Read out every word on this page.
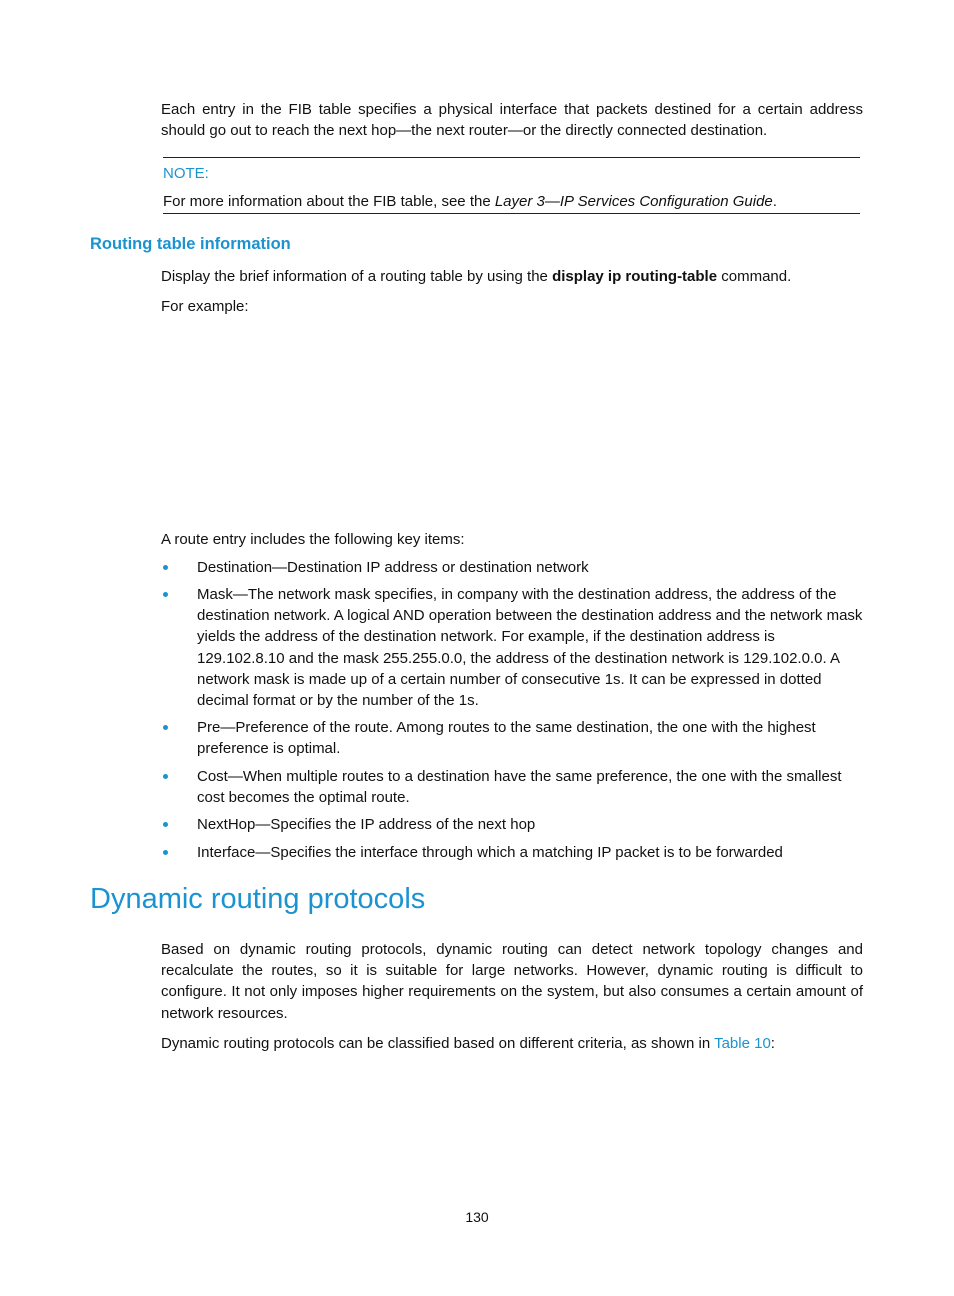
Each entry in the FIB table specifies a physical interface that packets destined for a certain address should go out to reach the next hop—the next router—or the directly connected destination.
NOTE:
For more information about the FIB table, see the Layer 3—IP Services Configuration Guide.
Routing table information
Display the brief information of a routing table by using the display ip routing-table command.
For example:
A route entry includes the following key items:
Destination—Destination IP address or destination network
Mask—The network mask specifies, in company with the destination address, the address of the destination network. A logical AND operation between the destination address and the network mask yields the address of the destination network. For example, if the destination address is 129.102.8.10 and the mask 255.255.0.0, the address of the destination network is 129.102.0.0. A network mask is made up of a certain number of consecutive 1s. It can be expressed in dotted decimal format or by the number of the 1s.
Pre—Preference of the route. Among routes to the same destination, the one with the highest preference is optimal.
Cost—When multiple routes to a destination have the same preference, the one with the smallest cost becomes the optimal route.
NextHop—Specifies the IP address of the next hop
Interface—Specifies the interface through which a matching IP packet is to be forwarded
Dynamic routing protocols
Based on dynamic routing protocols, dynamic routing can detect network topology changes and recalculate the routes, so it is suitable for large networks. However, dynamic routing is difficult to configure. It not only imposes higher requirements on the system, but also consumes a certain amount of network resources.
Dynamic routing protocols can be classified based on different criteria, as shown in Table 10:
130
